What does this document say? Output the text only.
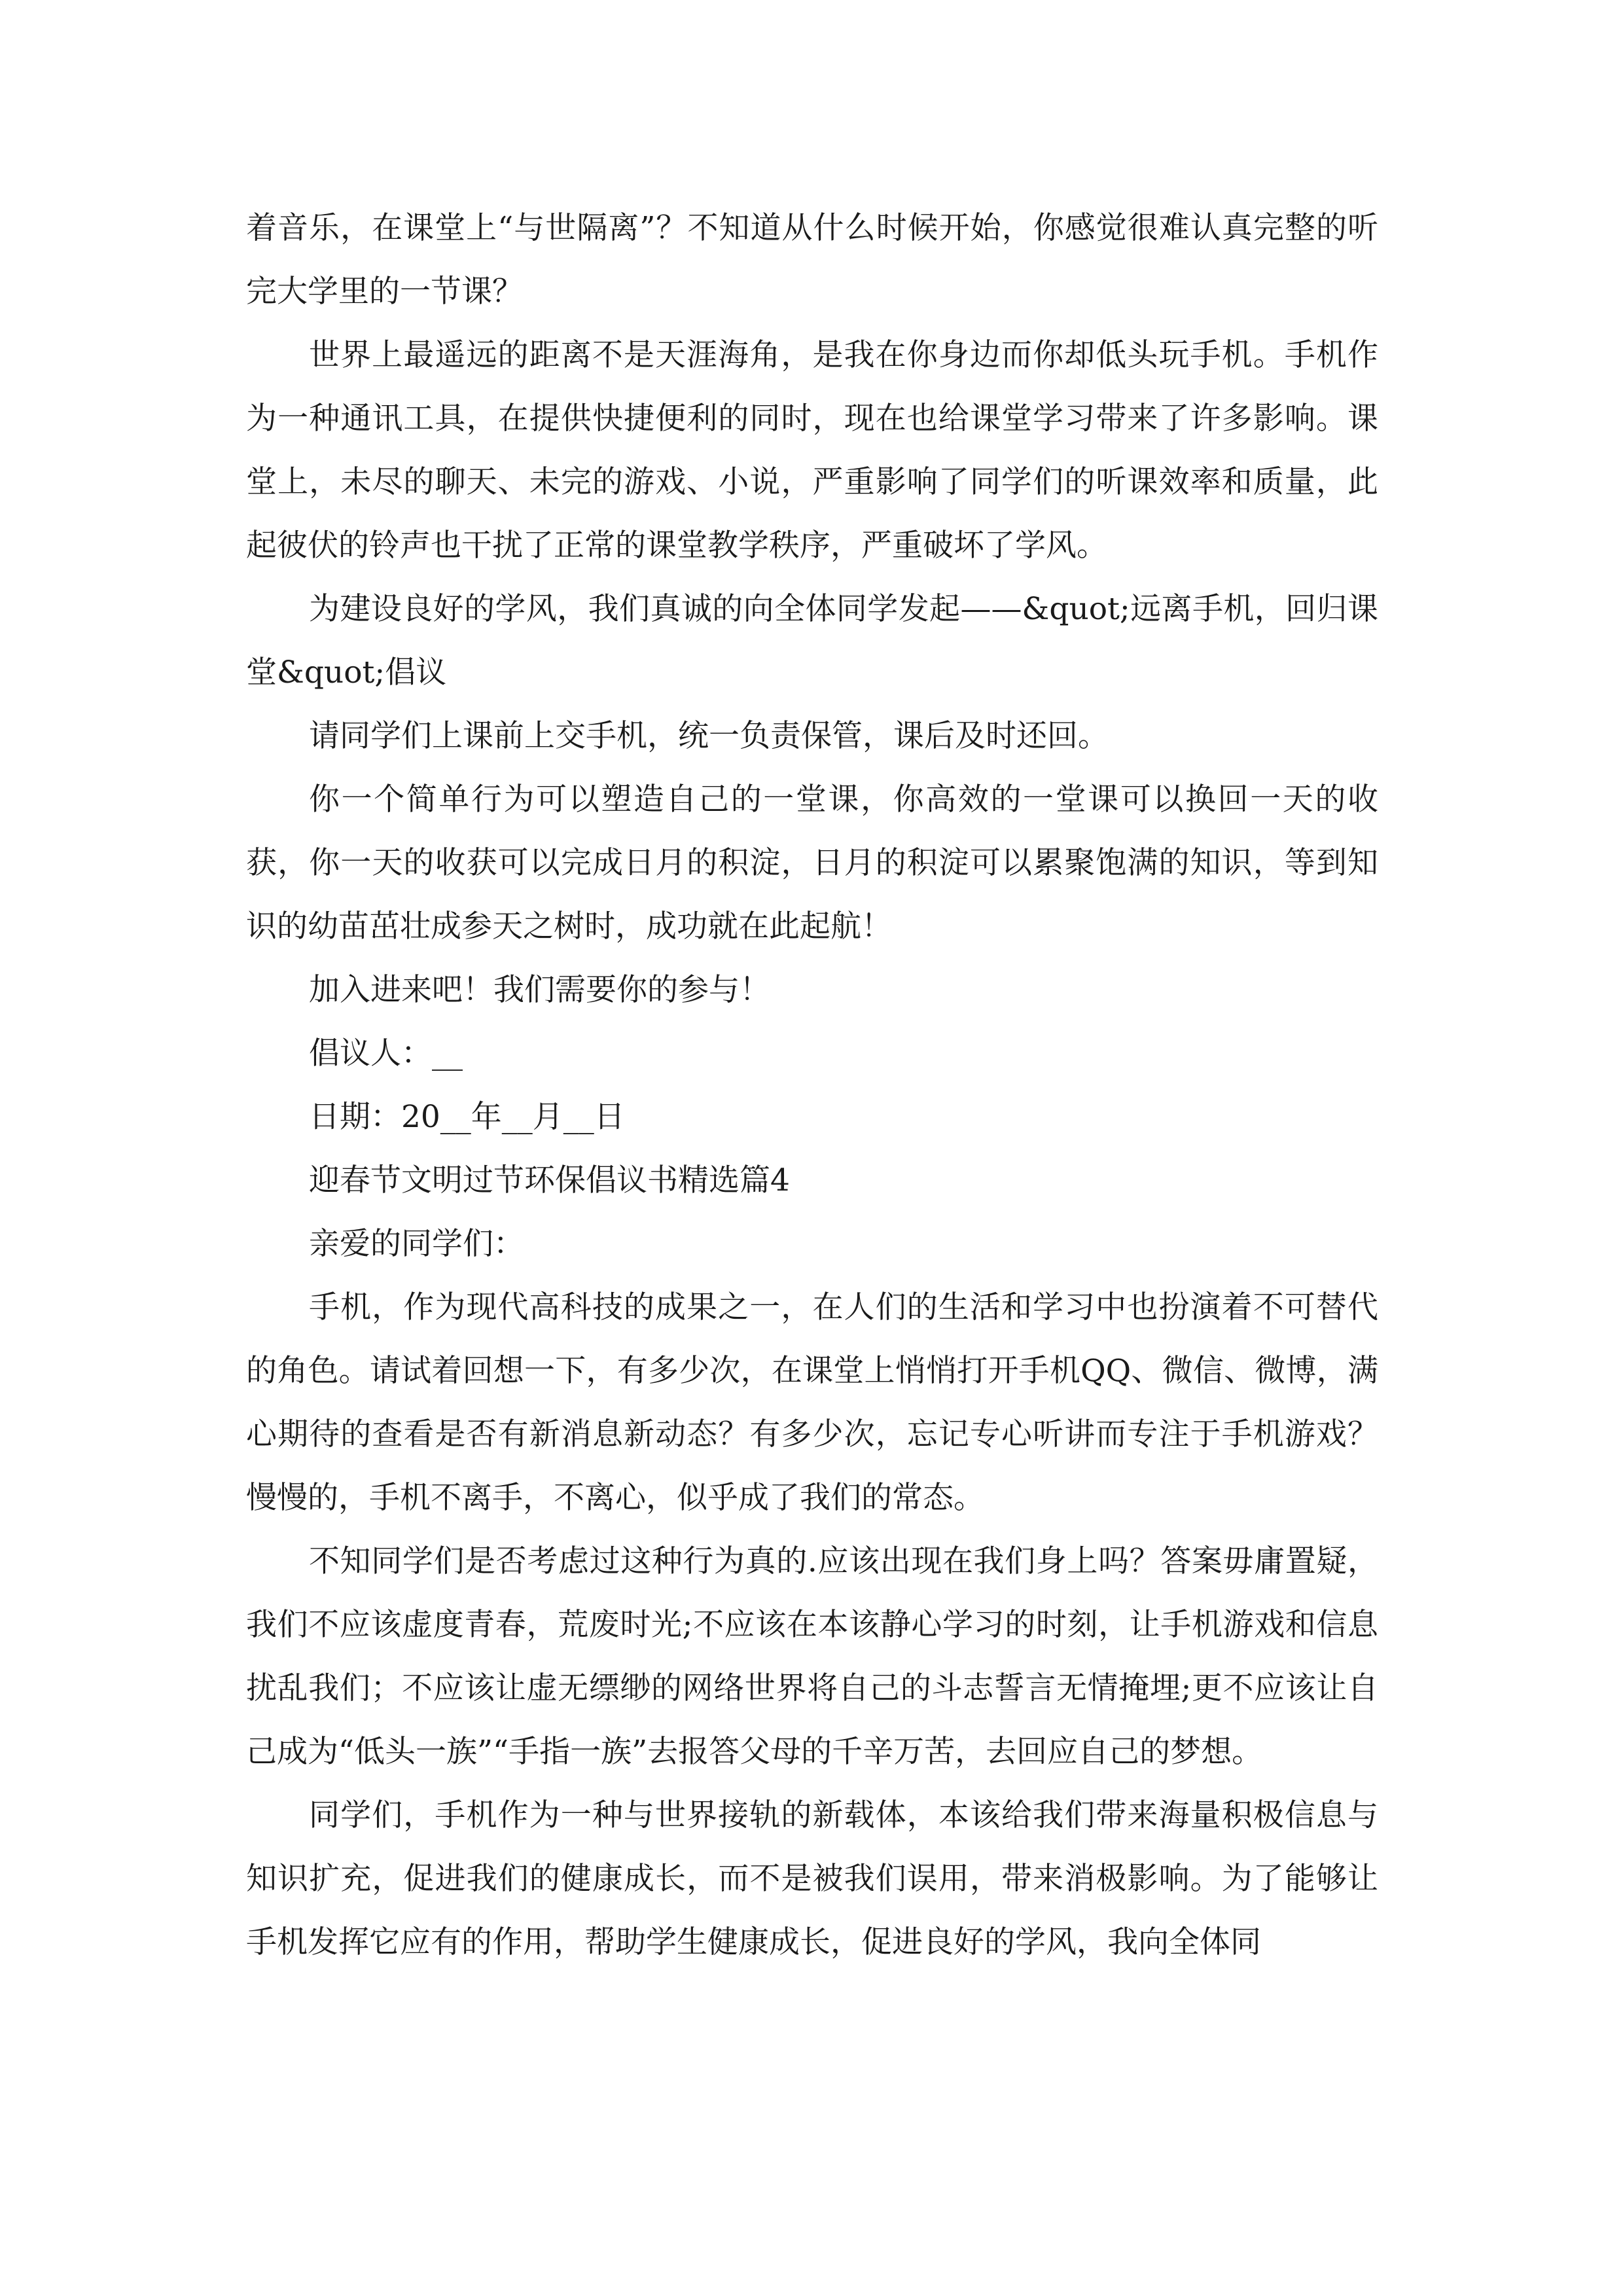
着音乐，在课堂上“与世隔离”？不知道从什么时候开始，你感觉很难认真完整的听完大学里的一节课？

世界上最遥远的距离不是天涯海角，是我在你身边而你却低头玩手机。手机作为一种通讯工具，在提供快捷便利的同时，现在也给课堂学习带来了许多影响。课堂上，未尽的聊天、未完的游戏、小说，严重影响了同学们的听课效率和质量，此起彼伏的铃声也干扰了正常的课堂教学秩序，严重破坏了学风。

为建设良好的学风，我们真诚的向全体同学发起——&quot;远离手机，回归课堂&quot;倡议

请同学们上课前上交手机，统一负责保管，课后及时还回。

你一个简单行为可以塑造自己的一堂课，你高效的一堂课可以换回一天的收获，你一天的收获可以完成日月的积淀，日月的积淀可以累聚饱满的知识，等到知识的幼苗茁壮成参天之树时，成功就在此起航！

加入进来吧！我们需要你的参与！

倡议人：__

日期：20__年__月__日

迎春节文明过节环保倡议书精选篇4

亲爱的同学们：

手机，作为现代高科技的成果之一，在人们的生活和学习中也扮演着不可替代的角色。请试着回想一下，有多少次，在课堂上悄悄打开手机QQ、微信、微博，满心期待的查看是否有新消息新动态？有多少次，忘记专心听讲而专注于手机游戏？慢慢的，手机不离手，不离心，似乎成了我们的常态。

不知同学们是否考虑过这种行为真的.应该出现在我们身上吗？答案毋庸置疑，我们不应该虚度青春，荒废时光;不应该在本该静心学习的时刻，让手机游戏和信息扰乱我们；不应该让虚无缥缈的网络世界将自己的斗志誓言无情掩埋;更不应该让自己成为“低头一族”“手指一族”去报答父母的千辛万苦，去回应自己的梦想。

同学们，手机作为一种与世界接轨的新载体，本该给我们带来海量积极信息与知识扩充，促进我们的健康成长，而不是被我们误用，带来消极影响。为了能够让手机发挥它应有的作用，帮助学生健康成长，促进良好的学风，我向全体同
